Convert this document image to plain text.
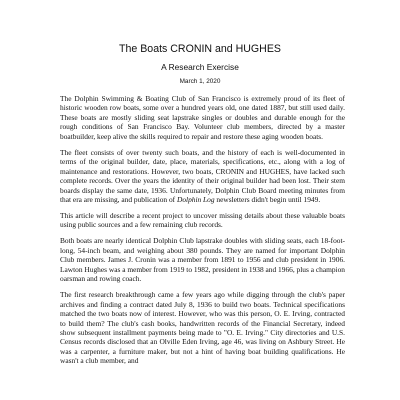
The Boats CRONIN and HUGHES
A Research Exercise
March 1, 2020

The Dolphin Swimming & Boating Club of San Francisco is extremely proud of its fleet of historic wooden row boats, some over a hundred years old, one dated 1887, but still used daily. These boats are mostly sliding seat lapstrake singles or doubles and durable enough for the rough conditions of San Francisco Bay. Volunteer club members, directed by a master boatbuilder, keep alive the skills required to repair and restore these aging wooden boats.

The fleet consists of over twenty such boats, and the history of each is well-documented in terms of the original builder, date, place, materials, specifications, etc., along with a log of maintenance and restorations. However, two boats, CRONIN and HUGHES, have lacked such complete records. Over the years the identity of their original builder had been lost. Their stem boards display the same date, 1936. Unfortunately, Dolphin Club Board meeting minutes from that era are missing, and publication of Dolphin Log newsletters didn't begin until 1949.

This article will describe a recent project to uncover missing details about these valuable boats using public sources and a few remaining club records.

Both boats are nearly identical Dolphin Club lapstrake doubles with sliding seats, each 18-foot-long, 54-inch beam, and weighing about 380 pounds. They are named for important Dolphin Club members. James J. Cronin was a member from 1891 to 1956 and club president in 1906. Lawton Hughes was a member from 1919 to 1982, president in 1938 and 1966, plus a champion oarsman and rowing coach.

The first research breakthrough came a few years ago while digging through the club's paper archives and finding a contract dated July 8, 1936 to build two boats. Technical specifications matched the two boats now of interest. However, who was this person, O. E. Irving, contracted to build them? The club's cash books, handwritten records of the Financial Secretary, indeed show subsequent installment payments being made to "O. E. Irving." City directories and U.S. Census records disclosed that an Olville Eden Irving, age 46, was living on Ashbury Street. He was a carpenter, a furniture maker, but not a hint of having boat building qualifications. He wasn't a club member, and
